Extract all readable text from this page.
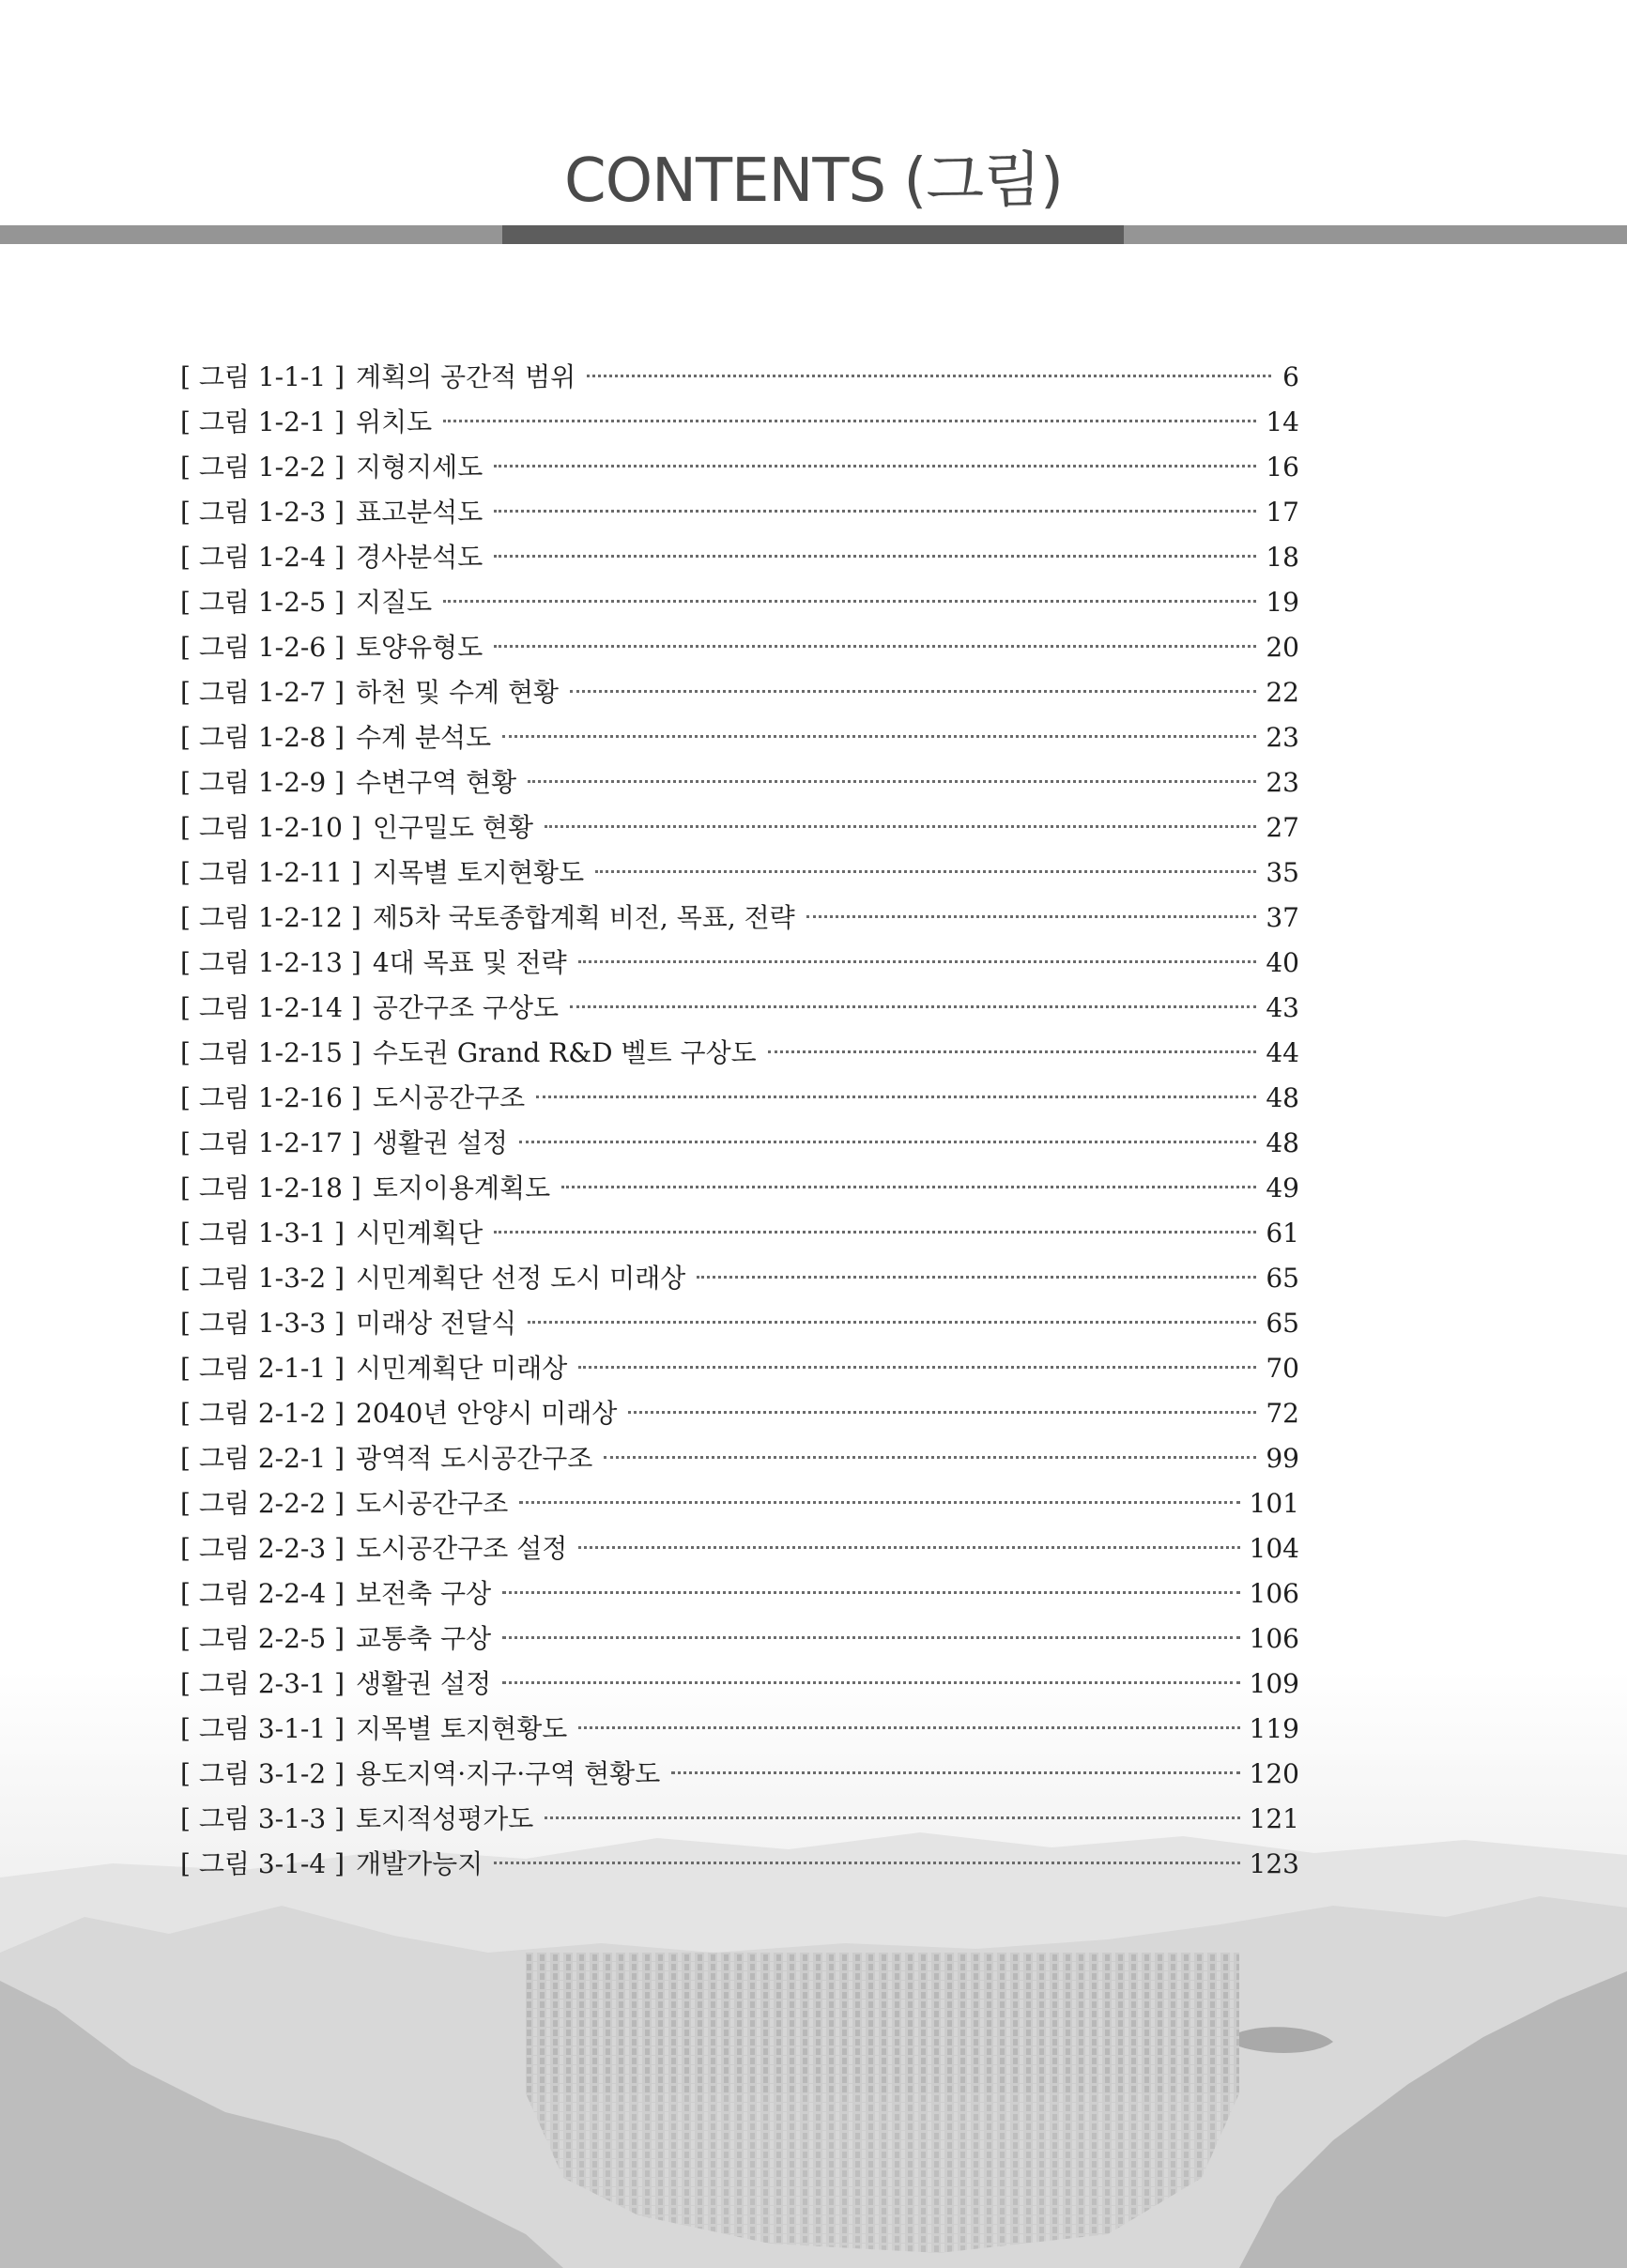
CONTENTS (그림)
[ 그림 1-1-1 ] 계획의 공간적 범위	6
[ 그림 1-2-1 ] 위치도	14
[ 그림 1-2-2 ] 지형지세도	16
[ 그림 1-2-3 ] 표고분석도	17
[ 그림 1-2-4 ] 경사분석도	18
[ 그림 1-2-5 ] 지질도	19
[ 그림 1-2-6 ] 토양유형도	20
[ 그림 1-2-7 ] 하천 및 수계 현황	22
[ 그림 1-2-8 ] 수계 분석도	23
[ 그림 1-2-9 ] 수변구역 현황	23
[ 그림 1-2-10 ] 인구밀도 현황	27
[ 그림 1-2-11 ] 지목별 토지현황도	35
[ 그림 1-2-12 ] 제5차 국토종합계획 비전, 목표, 전략	37
[ 그림 1-2-13 ] 4대 목표 및 전략	40
[ 그림 1-2-14 ] 공간구조 구상도	43
[ 그림 1-2-15 ] 수도권 Grand R&D 벨트 구상도	44
[ 그림 1-2-16 ] 도시공간구조	48
[ 그림 1-2-17 ] 생활권 설정	48
[ 그림 1-2-18 ] 토지이용계획도	49
[ 그림 1-3-1 ] 시민계획단	61
[ 그림 1-3-2 ] 시민계획단 선정 도시 미래상	65
[ 그림 1-3-3 ] 미래상 전달식	65
[ 그림 2-1-1 ] 시민계획단 미래상	70
[ 그림 2-1-2 ] 2040년 안양시 미래상	72
[ 그림 2-2-1 ] 광역적 도시공간구조	99
[ 그림 2-2-2 ] 도시공간구조	101
[ 그림 2-2-3 ] 도시공간구조 설정	104
[ 그림 2-2-4 ] 보전축 구상	106
[ 그림 2-2-5 ] 교통축 구상	106
[ 그림 2-3-1 ] 생활권 설정	109
[ 그림 3-1-1 ] 지목별 토지현황도	119
[ 그림 3-1-2 ] 용도지역·지구·구역 현황도	120
[ 그림 3-1-3 ] 토지적성평가도	121
[ 그림 3-1-4 ] 개발가능지	123
